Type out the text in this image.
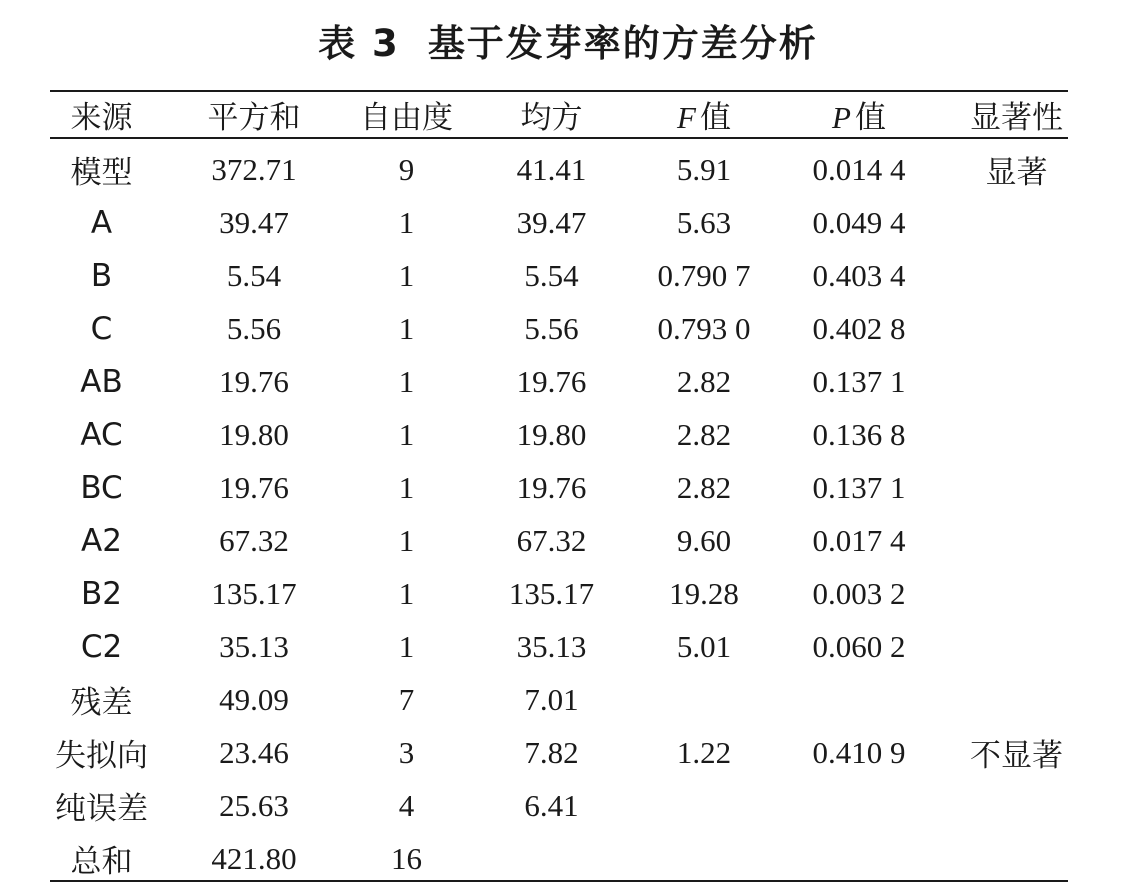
表 3 基于发芽率的方差分析
来源	平方和	自由度	均方	F 值	P 值	显著性
模型	372.71	9	41.41	5.91	0.014 4	显著
A	39.47	1	39.47	5.63	0.049 4	
B	5.54	1	5.54	0.790 7	0.403 4	
C	5.56	1	5.56	0.793 0	0.402 8	
AB	19.76	1	19.76	2.82	0.137 1	
AC	19.80	1	19.80	2.82	0.136 8	
BC	19.76	1	19.76	2.82	0.137 1	
A2	67.32	1	67.32	9.60	0.017 4	
B2	135.17	1	135.17	19.28	0.003 2	
C2	35.13	1	35.13	5.01	0.060 2	
残差	49.09	7	7.01			
失拟向	23.46	3	7.82	1.22	0.410 9	不显著
纯误差	25.63	4	6.41			
总和	421.80	16				
